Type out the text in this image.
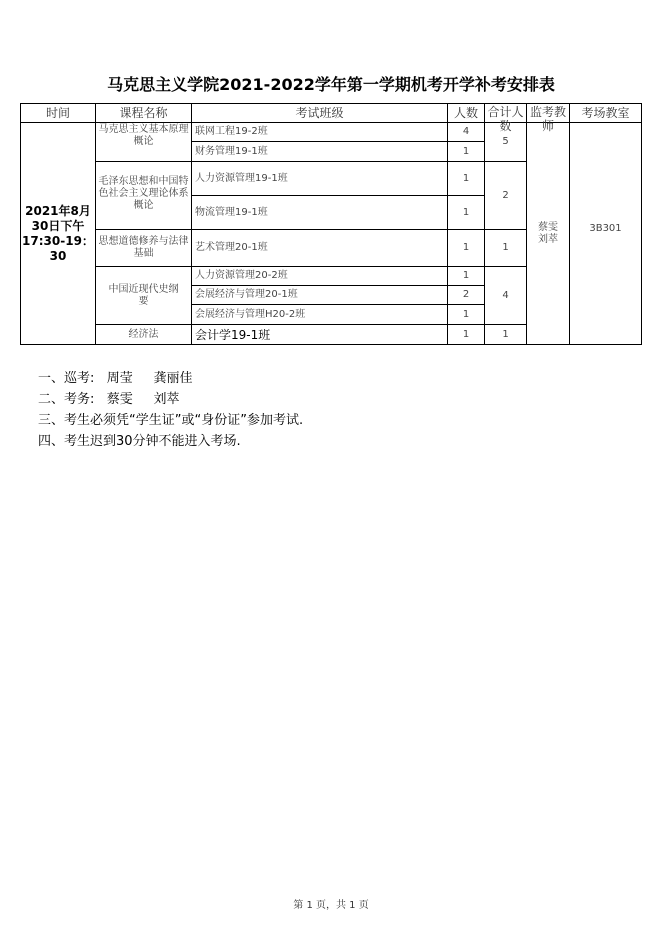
马克思主义学院2021-2022学年第一学期机考开学补考安排表
时间	课程名称	考试班级	人数	合计人数	监考教师	考场教室
2021年8月30日下午17:30-19：30	马克思主义基本原理概论	联网工程19-2班	4	5	蔡雯刘萃	3B301
		财务管理19-1班	1			
	毛泽东思想和中国特色社会主义理论体系概论	人力资源管理19-1班	1	2		
		物流管理19-1班	1			
	思想道德修养与法律基础	艺术管理20-1班	1	1		
	中国近现代史纲要	人力资源管理20-2班	1	4		
		会展经济与管理20-1班	2			
		会展经济与管理H20-2班	1			
	经济法	会计学19-1班	1	1		
一、巡考:   周莹     龚丽佳
二、考务:   蔡雯     刘萃
三、考生必须凭“学生证”或“身份证”参加考试.
四、考生迟到30分钟不能进入考场.
第 1 页，共 1 页
